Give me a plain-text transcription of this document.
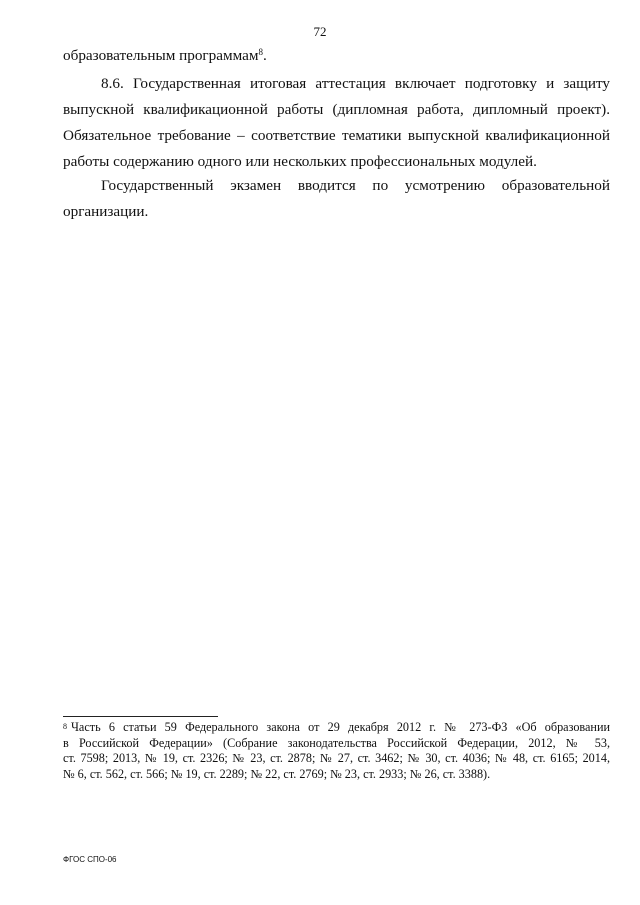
72
образовательным программам$^8$.
8.6. Государственная итоговая аттестация включает подготовку и защиту
выпускной квалификационной работы (дипломная работа, дипломный проект).
Обязательное требование – соответствие тематики выпускной квалификационной
работы содержанию одного или нескольких профессиональных модулей.
Государственный экзамен вводится по усмотрению образовательной
организации.
$^8$ Часть 6 статьи 59 Федерального закона от 29 декабря 2012 г. № 273-ФЗ «Об образовании
в Российской Федерации» (Собрание законодательства Российской Федерации, 2012, № 53,
ст. 7598; 2013, № 19, ст. 2326; № 23, ст. 2878; № 27, ст. 3462; № 30, ст. 4036; № 48, ст. 6165; 2014,
№ 6, ст. 562, ст. 566; № 19, ст. 2289; № 22, ст. 2769; № 23, ст. 2933; № 26, ст. 3388).
ФГОС СПО-06
